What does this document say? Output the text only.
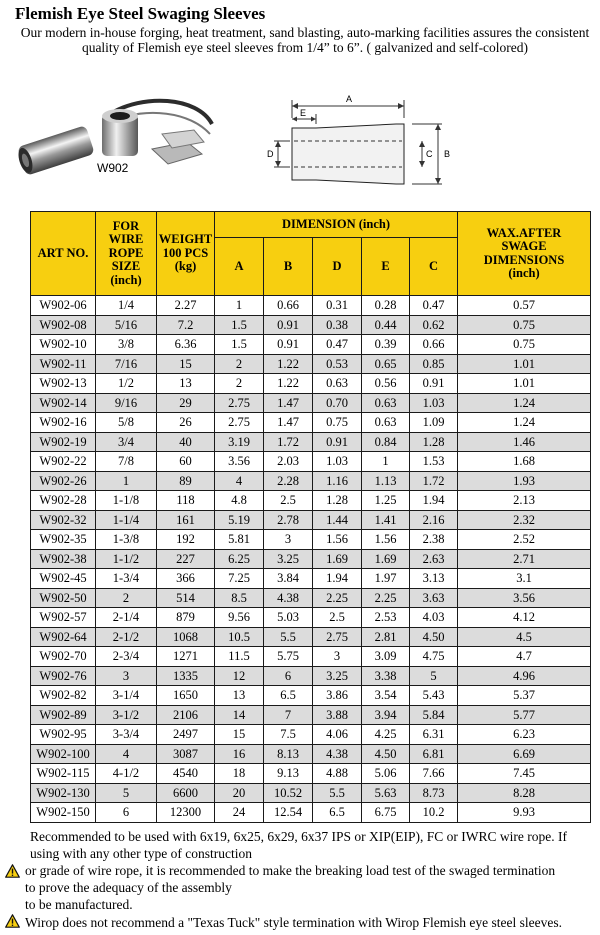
Flemish Eye Steel Swaging Sleeves
Our modern in-house forging, heat treatment, sand blasting, auto-marking facilities assures the consistent quality of Flemish eye steel sleeves from 1/4” to 6”. ( galvanized and self-colored)
W902
A
E
D	C B
ART NO.	FOR
WIRE
ROPE
SIZE
(inch)	WEIGHT
100 PCS
(kg)	DIMENSION (inch)					WAX.AFTER
SWAGE
DIMENSIONS
(inch)
			A	B	D	E	C	
W902-06	1/4	2.27	1	0.66	0.31	0.28	0.47	0.57
W902-08	5/16	7.2	1.5	0.91	0.38	0.44	0.62	0.75
W902-10	3/8	6.36	1.5	0.91	0.47	0.39	0.66	0.75
W902-11	7/16	15	2	1.22	0.53	0.65	0.85	1.01
W902-13	1/2	13	2	1.22	0.63	0.56	0.91	1.01
W902-14	9/16	29	2.75	1.47	0.70	0.63	1.03	1.24
W902-16	5/8	26	2.75	1.47	0.75	0.63	1.09	1.24
W902-19	3/4	40	3.19	1.72	0.91	0.84	1.28	1.46
W902-22	7/8	60	3.56	2.03	1.03	1	1.53	1.68
W902-26	1	89	4	2.28	1.16	1.13	1.72	1.93
W902-28	1-1/8	118	4.8	2.5	1.28	1.25	1.94	2.13
W902-32	1-1/4	161	5.19	2.78	1.44	1.41	2.16	2.32
W902-35	1-3/8	192	5.81	3	1.56	1.56	2.38	2.52
W902-38	1-1/2	227	6.25	3.25	1.69	1.69	2.63	2.71
W902-45	1-3/4	366	7.25	3.84	1.94	1.97	3.13	3.1
W902-50	2	514	8.5	4.38	2.25	2.25	3.63	3.56
W902-57	2-1/4	879	9.56	5.03	2.5	2.53	4.03	4.12
W902-64	2-1/2	1068	10.5	5.5	2.75	2.81	4.50	4.5
W902-70	2-3/4	1271	11.5	5.75	3	3.09	4.75	4.7
W902-76	3	1335	12	6	3.25	3.38	5	4.96
W902-82	3-1/4	1650	13	6.5	3.86	3.54	5.43	5.37
W902-89	3-1/2	2106	14	7	3.88	3.94	5.84	5.77
W902-95	3-3/4	2497	15	7.5	4.06	4.25	6.31	6.23
W902-100	4	3087	16	8.13	4.38	4.50	6.81	6.69
W902-115	4-1/2	4540	18	9.13	4.88	5.06	7.66	7.45
W902-130	5	6600	20	10.52	5.5	5.63	8.73	8.28
W902-150	6	12300	24	12.54	6.5	6.75	10.2	9.93
Recommended to be used with 6x19, 6x25, 6x29, 6x37 IPS or XIP(EIP), FC or IWRC wire rope. If
using with any other type of construction
or grade of wire rope, it is recommended to make the breaking load test of the swaged termination
to prove the adequacy of the assembly
to be manufactured.
Wirop does not recommend a "Texas Tuck" style termination with Wirop Flemish eye steel sleeves.
